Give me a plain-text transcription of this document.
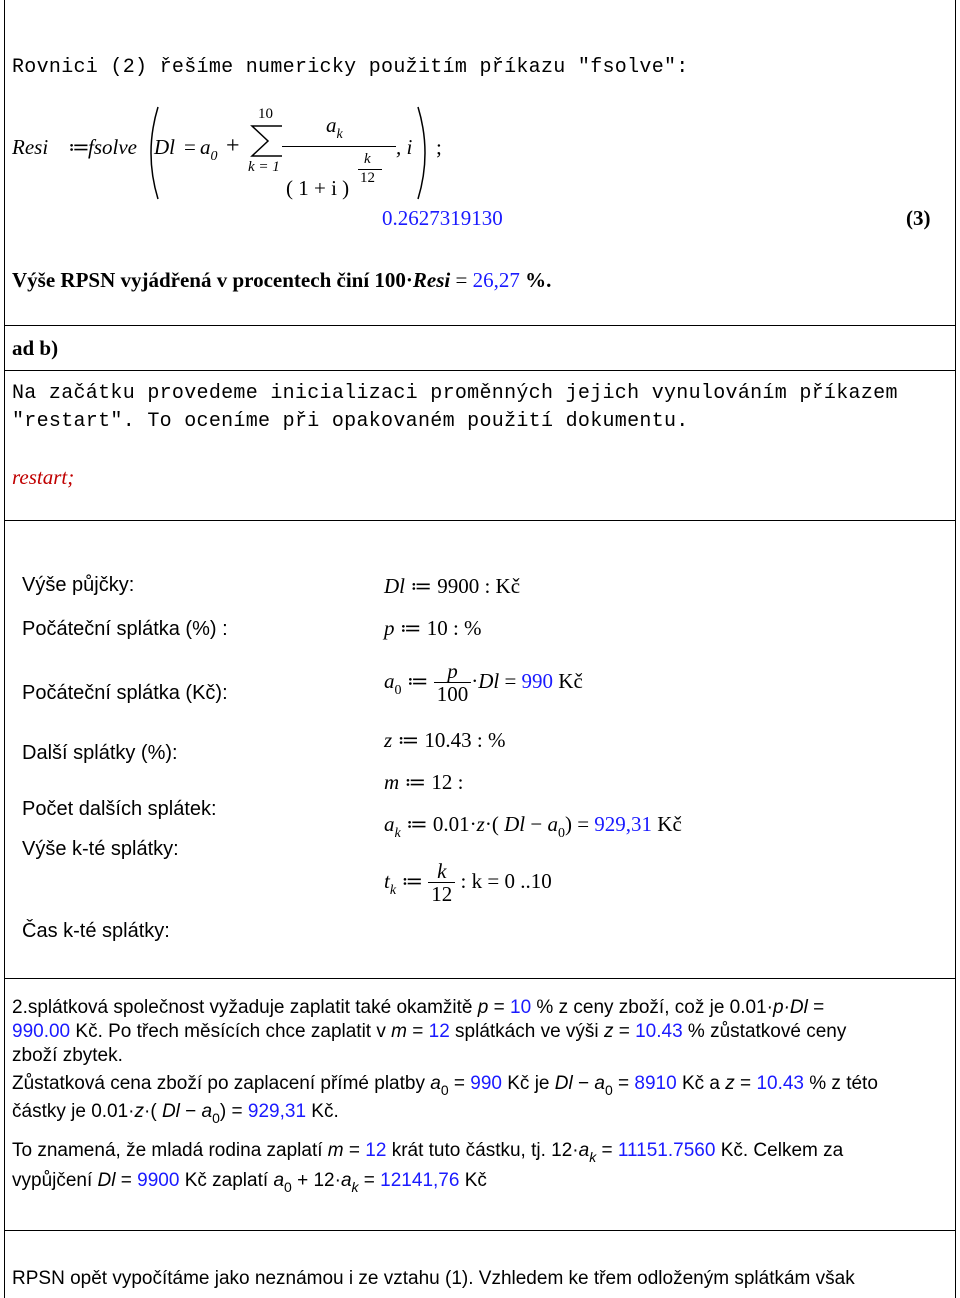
Rovnici (2) řešíme numericky použitím příkazu "fsolve":
Resi ≔
fsolve $Dl = a_0$ +
10
k = 1
$a_k$
( 1 + i )
k
12
, i ;
0.2627319130	(3)
Výše RPSN vyjádřená v procentech činí 100·Resi = 26,27 %.
ad b)
Na začátku provedeme inicializaci proměnných jejich vynulováním příkazem
"restart". To oceníme při opakovaném použití dokumentu.
restart;
Výše půjčky:
Počáteční splátka (%) :
Počáteční splátka (Kč):
Další splátky (%):
Počet dalších splátek:
Výše k-té splátky:
Čas k-té splátky:
Dl ≔ 9900 : Kč
p ≔ 10 : %
$a_0$ ≔ $\frac{p}{100} \cdot Dl = 990$ Kč
z ≔ 10.43 : %
m ≔ 12 :
$a_k$ ≔ 0.01·z·( $Dl - a_0) = 929,31$ Kč
$t_k$ ≔ $\frac{k}{12}$ : k = 0 ..10
2.splátková společnost vyžaduje zaplatit také okamžitě p = 10 % z ceny zboží, což je 0.01·p·Dl =
990.00 Kč. Po třech měsících chce zaplatit v m = 12 splátkách ve výši z = 10.43 % zůstatkové ceny
zboží zbytek.
Zůstatková cena zboží po zaplacení přímé platby $a_0 = 990$ Kč je $Dl - a_0 = 8910$ Kč a z = 10.43 % z této
částky je 0.01·z·( $Dl - a_0) = 929,31$ Kč.
To znamená, že mladá rodina zaplatí m = 12 krát tuto částku, tj. $12\cdot a_k = 11151.7560$ Kč. Celkem za
vypůjčení Dl = 9900 Kč zaplatí $a_0 + 12\cdot a_k = 12141,76$ Kč
RPSN opět vypočítáme jako neznámou i ze vztahu (1). Vzhledem ke třem odloženým splátkám však
